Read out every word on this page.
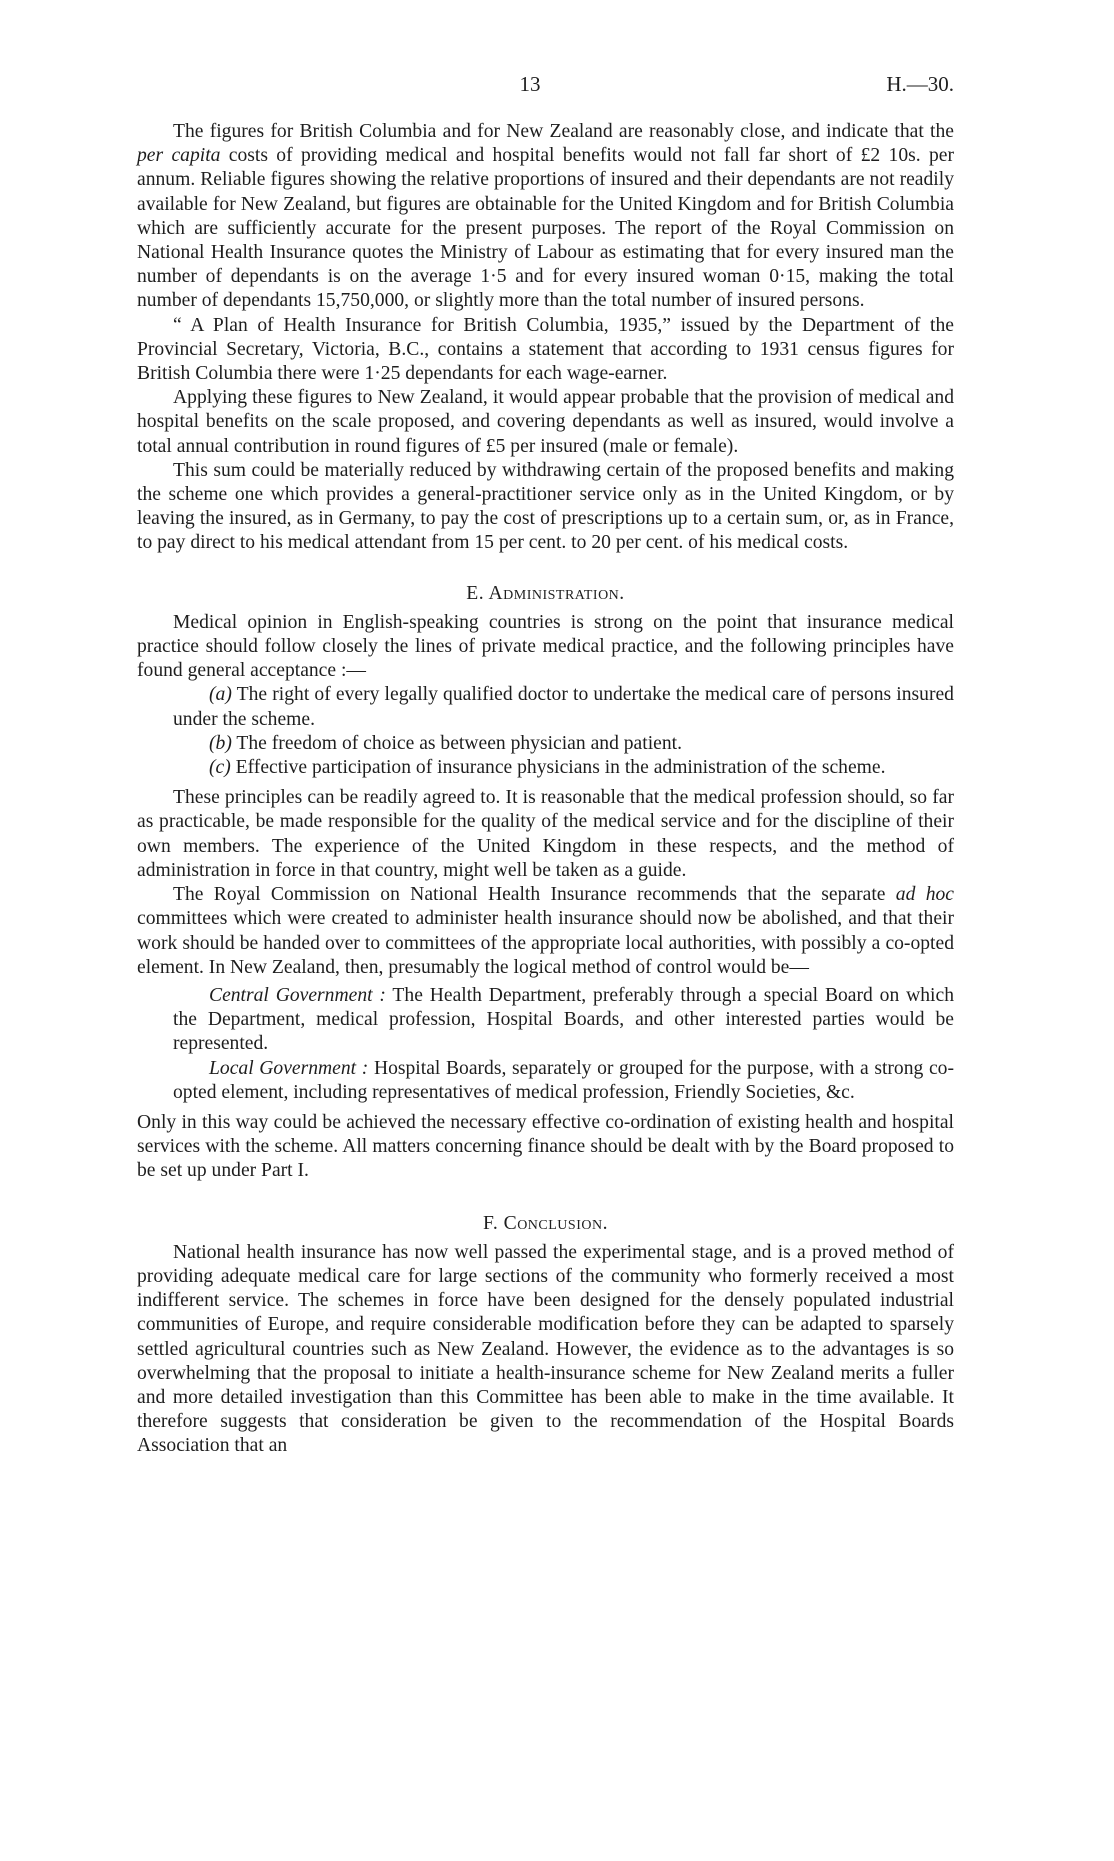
13	H.—30.

The figures for British Columbia and for New Zealand are reasonably close, and indicate that the per capita costs of providing medical and hospital benefits would not fall far short of £2 10s. per annum. Reliable figures showing the relative proportions of insured and their dependants are not readily available for New Zealand, but figures are obtainable for the United Kingdom and for British Columbia which are sufficiently accurate for the present purposes. The report of the Royal Commission on National Health Insurance quotes the Ministry of Labour as estimating that for every insured man the number of dependants is on the average 1·5 and for every insured woman 0·15, making the total number of dependants 15,750,000, or slightly more than the total number of insured persons.

“ A Plan of Health Insurance for British Columbia, 1935,” issued by the Department of the Provincial Secretary, Victoria, B.C., contains a statement that according to 1931 census figures for British Columbia there were 1·25 dependants for each wage-earner.

Applying these figures to New Zealand, it would appear probable that the provision of medical and hospital benefits on the scale proposed, and covering dependants as well as insured, would involve a total annual contribution in round figures of £5 per insured (male or female).

This sum could be materially reduced by withdrawing certain of the proposed benefits and making the scheme one which provides a general-practitioner service only as in the United Kingdom, or by leaving the insured, as in Germany, to pay the cost of prescriptions up to a certain sum, or, as in France, to pay direct to his medical attendant from 15 per cent. to 20 per cent. of his medical costs.

E. Administration.

Medical opinion in English-speaking countries is strong on the point that insurance medical practice should follow closely the lines of private medical practice, and the following principles have found general acceptance :—

(a) The right of every legally qualified doctor to undertake the medical care of persons insured under the scheme.

(b) The freedom of choice as between physician and patient.

(c) Effective participation of insurance physicians in the administration of the scheme.

These principles can be readily agreed to. It is reasonable that the medical profession should, so far as practicable, be made responsible for the quality of the medical service and for the discipline of their own members. The experience of the United Kingdom in these respects, and the method of administration in force in that country, might well be taken as a guide.

The Royal Commission on National Health Insurance recommends that the separate ad hoc committees which were created to administer health insurance should now be abolished, and that their work should be handed over to committees of the appropriate local authorities, with possibly a co-opted element. In New Zealand, then, presumably the logical method of control would be—

Central Government : The Health Department, preferably through a special Board on which the Department, medical profession, Hospital Boards, and other interested parties would be represented.

Local Government : Hospital Boards, separately or grouped for the purpose, with a strong co-opted element, including representatives of medical profession, Friendly Societies, &c.

Only in this way could be achieved the necessary effective co-ordination of existing health and hospital services with the scheme. All matters concerning finance should be dealt with by the Board proposed to be set up under Part I.

F. Conclusion.

National health insurance has now well passed the experimental stage, and is a proved method of providing adequate medical care for large sections of the community who formerly received a most indifferent service. The schemes in force have been designed for the densely populated industrial communities of Europe, and require considerable modification before they can be adapted to sparsely settled agricultural countries such as New Zealand. However, the evidence as to the advantages is so overwhelming that the proposal to initiate a health-insurance scheme for New Zealand merits a fuller and more detailed investigation than this Committee has been able to make in the time available. It therefore suggests that consideration be given to the recommendation of the Hospital Boards Association that an
